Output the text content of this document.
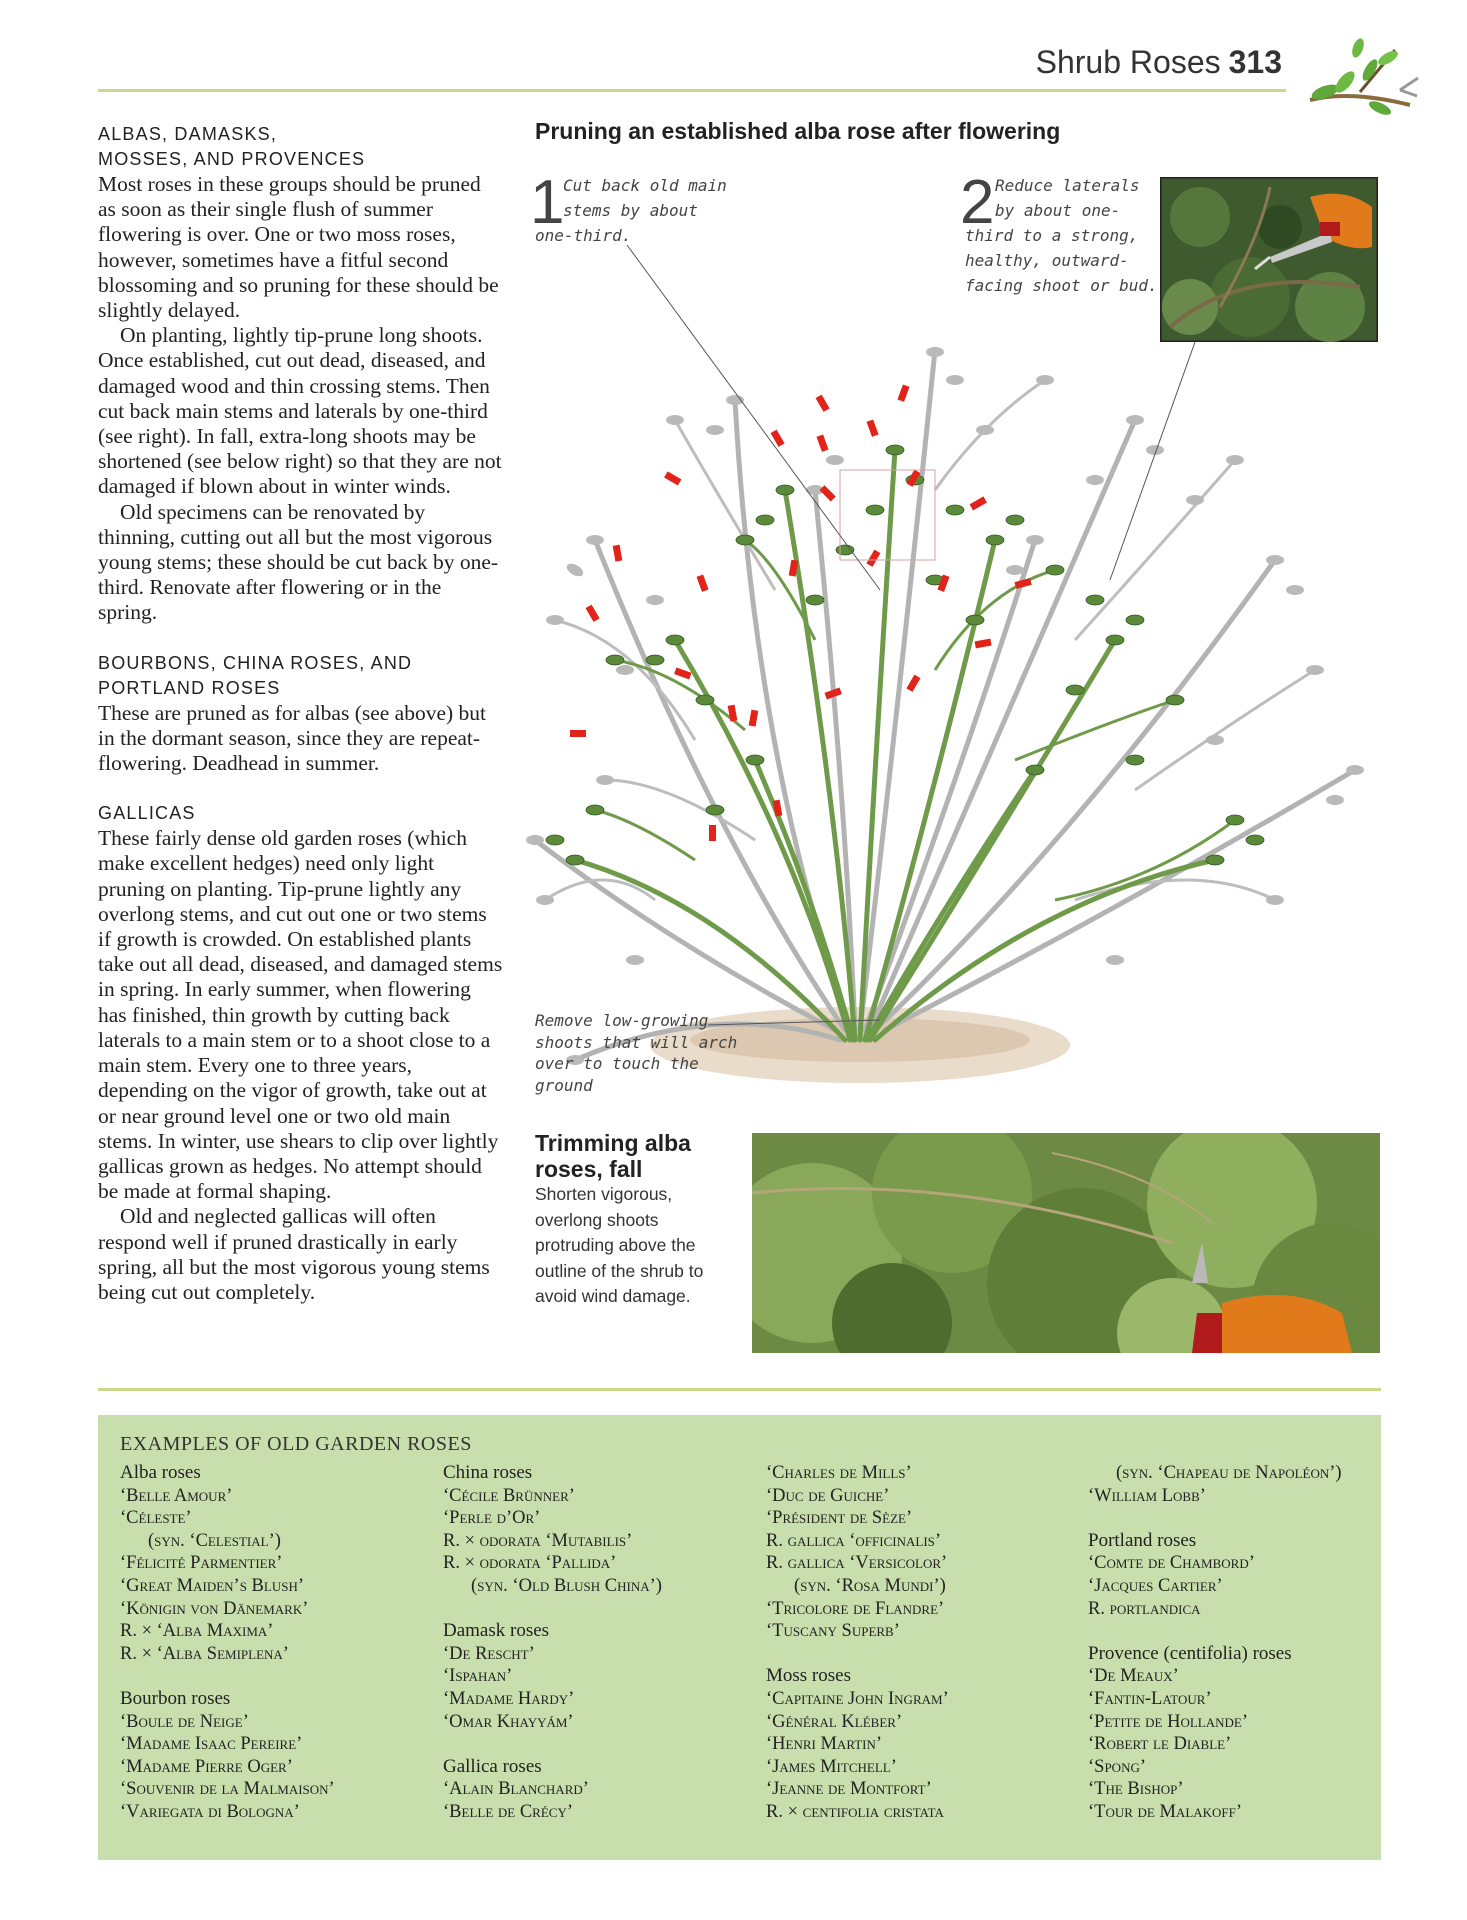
Shrub Roses 313
ALBAS, DAMASKS,
MOSSES, AND PROVENCES

Most roses in these groups should be pruned as soon as their single flush of summer flowering is over. One or two moss roses, however, sometimes have a fitful second blossoming and so pruning for these should be slightly delayed.

On planting, lightly tip-prune long shoots. Once established, cut out dead, diseased, and damaged wood and thin crossing stems. Then cut back main stems and laterals by one-third (see right). In fall, extra-long shoots may be shortened (see below right) so that they are not damaged if blown about in winter winds.

Old specimens can be renovated by thinning, cutting out all but the most vigorous young stems; these should be cut back by one-third. Renovate after flowering or in the spring.

BOURBONS, CHINA ROSES, AND
PORTLAND ROSES

These are pruned as for albas (see above) but in the dormant season, since they are repeat-flowering. Deadhead in summer.

GALLICAS

These fairly dense old garden roses (which make excellent hedges) need only light pruning on planting. Tip-prune lightly any overlong stems, and cut out one or two stems if growth is crowded. On established plants take out all dead, diseased, and damaged stems in spring. In early summer, when flowering has finished, thin growth by cutting back laterals to a main stem or to a shoot close to a main stem. Every one to three years, depending on the vigor of growth, take out at or near ground level one or two old main stems. In winter, use shears to clip over lightly gallicas grown as hedges. No attempt should be made at formal shaping.

Old and neglected gallicas will often respond well if pruned drastically in early spring, all but the most vigorous young stems being cut out completely.

Pruning an established alba rose after flowering
1
Cut back old main
stems by about
one-third.	2 Reduce laterals
by about one-
third to a strong,
healthy, outward-
facing shoot or bud.
Remove low-growing
shoots that will arch
over to touch the ground
Trimming alba
roses, fall
Shorten vigorous, overlong shoots protruding above the outline of the shrub to avoid wind damage.
EXAMPLES OF OLD GARDEN ROSES
Alba roses
‘Belle Amour’
‘Céleste’
(syn. ‘Celestial’)
‘Félicité Parmentier’
‘Great Maiden’s Blush’
‘Königin von Dänemark’
R. × ‘Alba Maxima’
R. × ‘Alba Semiplena’
Bourbon roses
‘Boule de Neige’
‘Madame Isaac Pereire’
‘Madame Pierre Oger’
‘Souvenir de la Malmaison’
‘Variegata di Bologna’
China roses
‘Cécile Brünner’
‘Perle d’Or’
R. × odorata ‘Mutabilis’
R. × odorata ‘Pallida’
(syn. ‘Old Blush China’)
Damask roses
‘De Rescht’
‘Ispahan’
‘Madame Hardy’
‘Omar Khayyám’
Gallica roses
‘Alain Blanchard’
‘Belle de Crécy’
‘Charles de Mills’
‘Duc de Guiche’
‘Président de Sèze’
R. gallica ‘officinalis’
R. gallica ‘Versicolor’
(syn. ‘Rosa Mundi’)
‘Tricolore de Flandre’
‘Tuscany Superb’
Moss roses
‘Capitaine John Ingram’
‘Général Kléber’
‘Henri Martin’
‘James Mitchell’
‘Jeanne de Montfort’
R. × centifolia cristata
(syn. ‘Chapeau de Napoléon’)
‘William Lobb’
Portland roses
‘Comte de Chambord’
‘Jacques Cartier’
R. portlandica
Provence (centifolia) roses
‘De Meaux’
‘Fantin-Latour’
‘Petite de Hollande’
‘Robert le Diable’
‘Spong’
‘The Bishop’
‘Tour de Malakoff’
